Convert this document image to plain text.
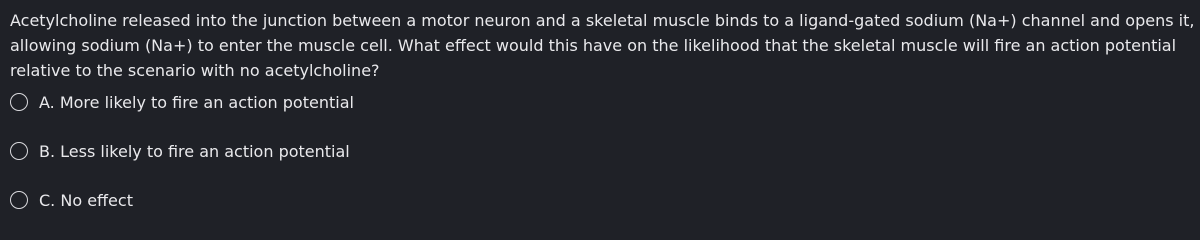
Acetylcholine released into the junction between a motor neuron and a skeletal muscle binds to a ligand-gated sodium (Na+) channel and opens it, allowing sodium (Na+) to enter the muscle cell. What effect would this have on the likelihood that the skeletal muscle will fire an action potential relative to the scenario with no acetylcholine?

A. More likely to fire an action potential
B. Less likely to fire an action potential
C. No effect
